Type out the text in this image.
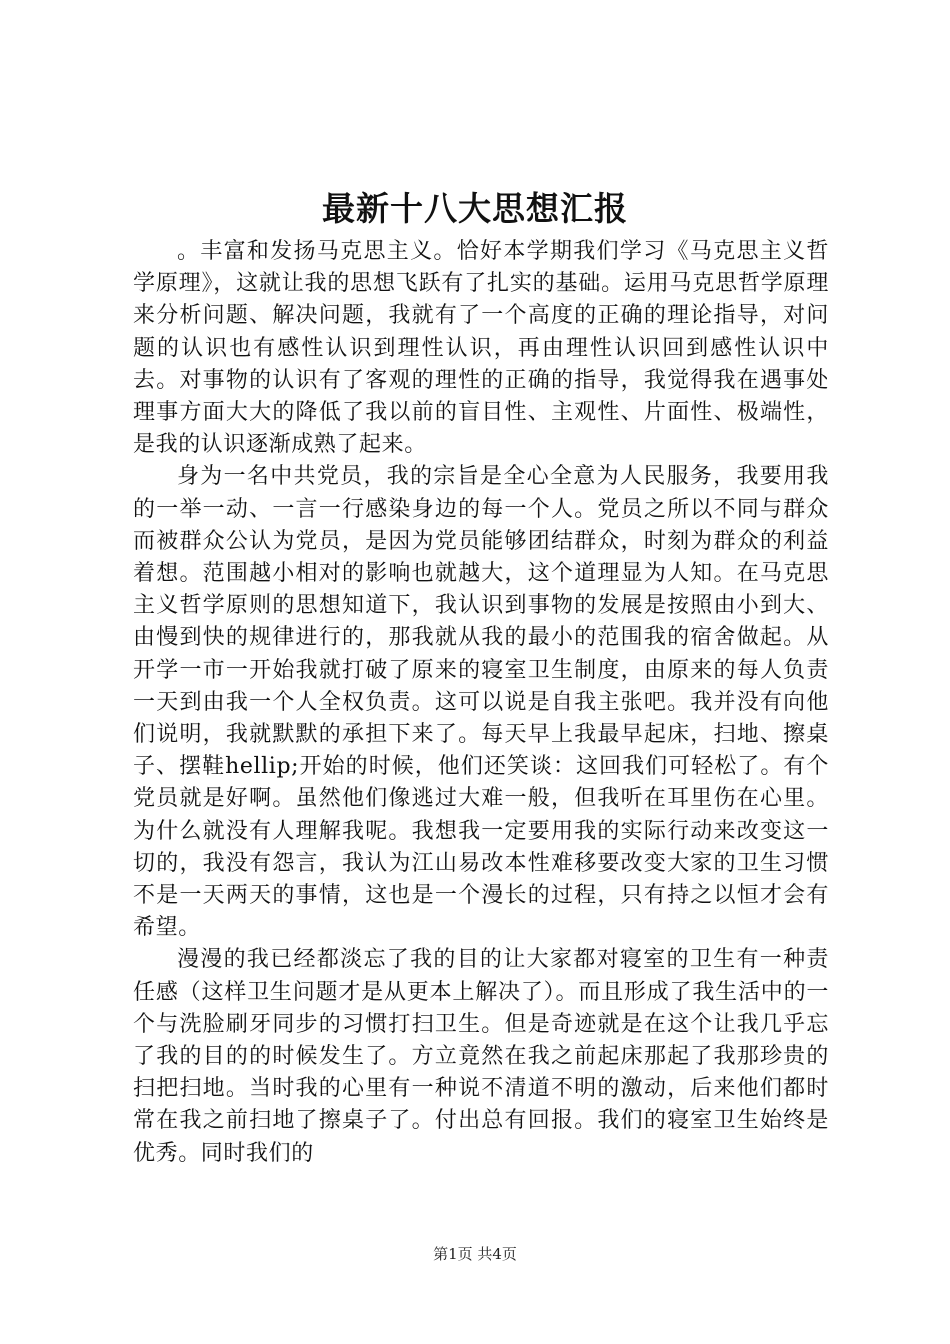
最新十八大思想汇报

。丰富和发扬马克思主义。恰好本学期我们学习《马克思主义哲学原理》，这就让我的思想飞跃有了扎实的基础。运用马克思哲学原理来分析问题、解决问题，我就有了一个高度的正确的理论指导，对问题的认识也有感性认识到理性认识，再由理性认识回到感性认识中去。对事物的认识有了客观的理性的正确的指导，我觉得我在遇事处理事方面大大的降低了我以前的盲目性、主观性、片面性、极端性，是我的认识逐渐成熟了起来。

身为一名中共党员，我的宗旨是全心全意为人民服务，我要用我的一举一动、一言一行感染身边的每一个人。党员之所以不同与群众而被群众公认为党员，是因为党员能够团结群众，时刻为群众的利益着想。范围越小相对的影响也就越大，这个道理显为人知。在马克思主义哲学原则的思想知道下，我认识到事物的发展是按照由小到大、由慢到快的规律进行的，那我就从我的最小的范围我的宿舍做起。从开学一市一开始我就打破了原来的寝室卫生制度，由原来的每人负责一天到由我一个人全权负责。这可以说是自我主张吧。我并没有向他们说明，我就默默的承担下来了。每天早上我最早起床，扫地、擦桌子、摆鞋hellip;开始的时候，他们还笑谈：这回我们可轻松了。有个党员就是好啊。虽然他们像逃过大难一般，但我听在耳里伤在心里。为什么就没有人理解我呢。我想我一定要用我的实际行动来改变这一切的，我没有怨言，我认为江山易改本性难移要改变大家的卫生习惯不是一天两天的事情，这也是一个漫长的过程，只有持之以恒才会有希望。

漫漫的我已经都淡忘了我的目的让大家都对寝室的卫生有一种责任感（这样卫生问题才是从更本上解决了）。而且形成了我生活中的一个与洗脸刷牙同步的习惯打扫卫生。但是奇迹就是在这个让我几乎忘了我的目的的时候发生了。方立竟然在我之前起床那起了我那珍贵的扫把扫地。当时我的心里有一种说不清道不明的激动，后来他们都时常在我之前扫地了擦桌子了。付出总有回报。我们的寝室卫生始终是优秀。同时我们的

第1页 共4页
